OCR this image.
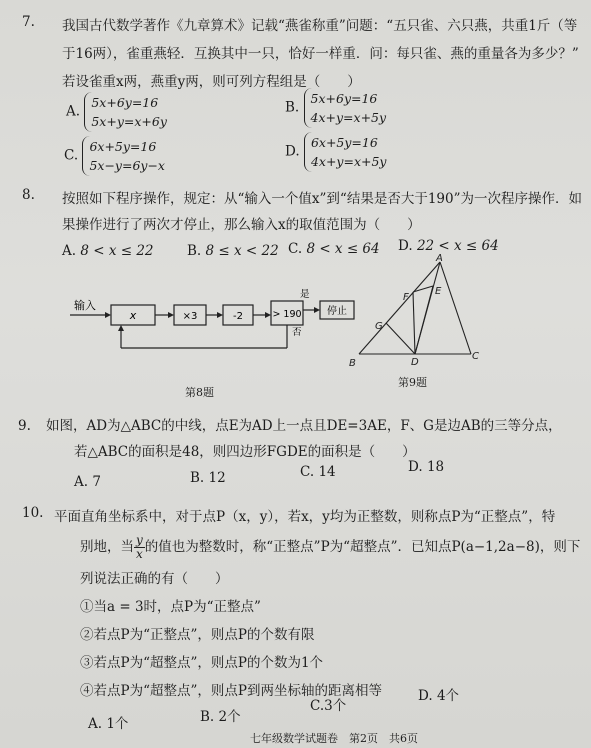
7. 我国古代数学著作《九章算术》记载“燕雀称重”问题：“五只雀、六只燕，共重1斤（等
于16两），雀重燕轻．互换其中一只，恰好一样重．问：每只雀、燕的重量各为多少？”
若设雀重x两，燕重y两，则可列方程组是（　　）
A. 5x+6y=16
5x+y=x+6y
B. 5x+6y=16
4x+y=x+5y
C. 6x+5y=16
5x−y=6y−x
D. 6x+5y=16
4x+y=x+5y
8. 按照如下程序操作，规定：从“输入一个值x”到“结果是否大于190”为一次程序操作．如
果操作进行了两次才停止，那么输入x的取值范围为（　　）
A. 8 < x ≤ 22 B. 8 ≤ x < 22 C. 8 < x ≤ 64 D. 22 < x ≤ 64
输入
x	×3	-2	> 190
是
停止
否
第8题
A
B
C
D
E
F
G
第9题
9. 如图，AD为△ABC的中线，点E为AD上一点且DE=3AE，F、G是边AB的三等分点，
若△ABC的面积是48，则四边形FGDE的面积是（　　）
A. 7	B. 12	C. 14	D. 18
10. 平面直角坐标系中，对于点P（x，y），若x，y均为正整数，则称点P为“正整点”，特
别地，当 $\frac{y}{x}$ 的值也为整数时，称“正整点”P为“超整点”．已知点P(a−1,2a−8)，则下
列说法正确的有（　　）
①当a = 3时，点P为“正整点”
②若点P为“正整点”，则点P的个数有限
③若点P为“超整点”，则点P的个数为1个
④若点P为“超整点”，则点P到两坐标轴的距离相等
A. 1个	B. 2个
C.3个
D. 4个
七年级数学试题卷　第2页　共6页
